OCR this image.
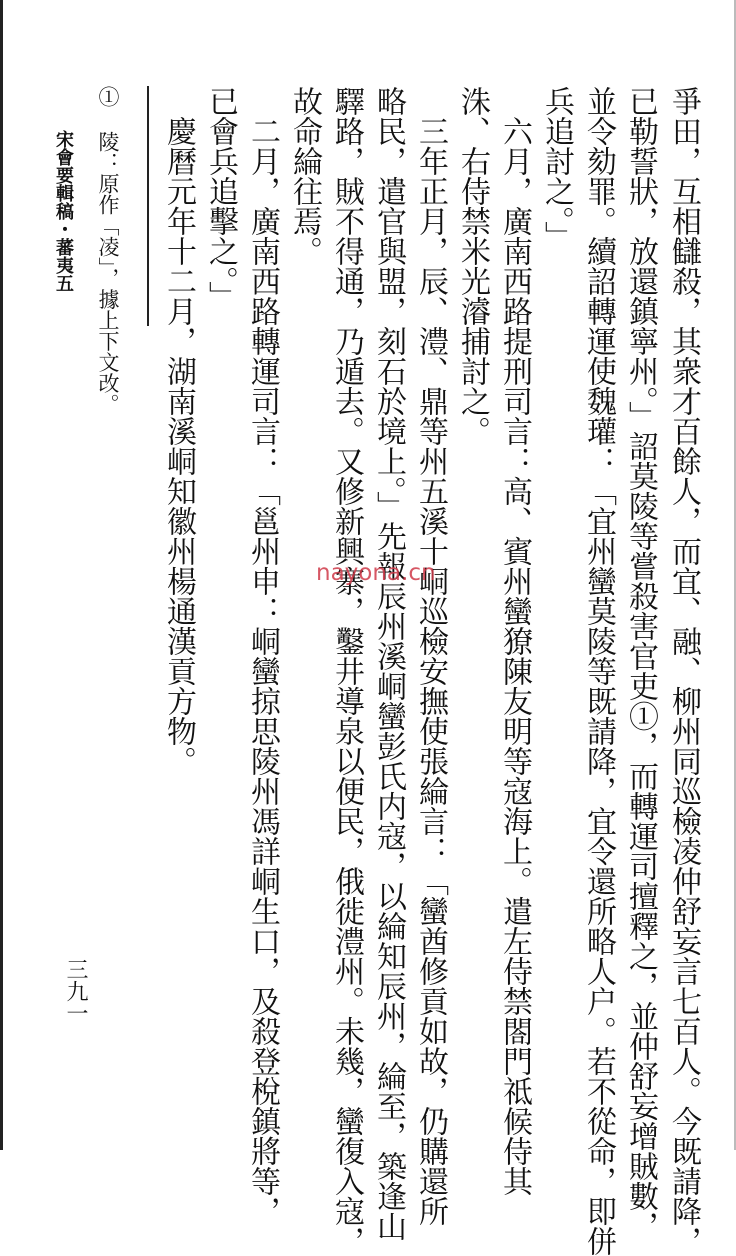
爭田，互相讎殺，其衆才百餘人，而宜、融、柳州同巡檢凌仲舒妄言七百人。今既請降，
已勒誓狀，放還鎮寧州。」詔莫陵等嘗殺害官吏①，而轉運司擅釋之，並仲舒妄增賊數，
並令劾罪。續詔轉運使魏瓘：「宜州蠻莫陵等既請降，宜令還所略人户。若不從命，即併
兵追討之。」
六月，廣南西路提刑司言：高、賓州蠻獠陳友明等寇海上。遣左侍禁閤門祗候侍其
洙、右侍禁米光濬捕討之。
三年正月，辰、澧、鼎等州五溪十峒巡檢安撫使張綸言：「蠻酋修貢如故，仍購還所
略民，遣官與盟，刻石於境上。」先報辰州溪峒蠻彭氏内寇，以綸知辰州，綸至，築逢山
驛路，賊不得通，乃遁去。又修新興寨，鑿井導泉以便民，俄徙澧州。未幾，蠻復入寇，
故命綸往焉。
二月，廣南西路轉運司言：「邕州申：峒蠻掠思陵州馮詳峒生口，及殺登梲鎮將等，
已會兵追擊之。」
慶曆元年十二月，湖南溪峒知徽州楊通漢貢方物。
① 陵：原作「凌」，據上下文改。
宋會要輯稿・蕃夷五
三九一
nayona.cn
